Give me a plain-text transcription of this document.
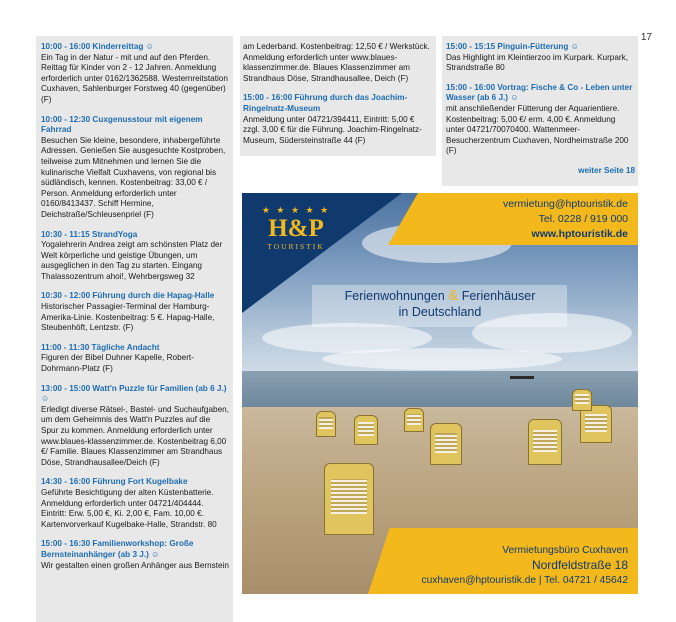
17
10:00 - 16:00 Kinderreittag ☺
Ein Tag in der Natur - mit und auf den Pferden. Reittag für Kinder von 2 - 12 Jahren. Anmeldung erforderlich unter 0162/1362588. Westernreitstation Cuxhaven, Sahlenburger Forstweg 40 (gegenüber) (F)
10:00 - 12:30 Cuxgenusstour mit eigenem Fahrrad
Besuchen Sie kleine, besondere, inhabergeführte Adressen. Genießen Sie ausgesuchte Kostproben, teilweise zum Mitnehmen und lernen Sie die kulinarische Vielfalt Cuxhavens, von regional bis südländisch, kennen. Kostenbeitrag: 33,00 € / Person. Anmeldung erforderlich unter 0160/8413437. Schiff Hermine, Deichstraße/Schleusenpriel (F)
10:30 - 11:15 StrandYoga
Yogalehrerin Andrea zeigt am schönsten Platz der Welt körperliche und geistige Übungen, um ausgeglichen in den Tag zu starten. Eingang Thalassozentrum ahoi!, Wehrbergsweg 32
10:30 - 12:00 Führung durch die Hapag-Halle
Historischer Passagier-Terminal der Hamburg-Amerika-Linie. Kostenbeitrag: 5 €. Hapag-Halle, Steubenhöft, Lentzstr. (F)
11:00 - 11:30 Tägliche Andacht
Figuren der Bibel Duhner Kapelle, Robert-Dohrmann-Platz (F)
13:00 - 15:00 Watt'n Puzzle für Familien (ab 6 J.) ☺
Erledigt diverse Rätsel-, Bastel- und Suchaufgaben, um dem Geheimnis des Watt'n Puzzles auf die Spur zu kommen. Anmeldung erforderlich unter www.blaues-klassenzimmer.de. Kostenbeitrag 6,00 €/ Familie. Blaues Klassenzimmer am Strandhaus Döse, Strandhausallee/Deich (F)
14:30 - 16:00 Führung Fort Kugelbake
Geführte Besichtigung der alten Küstenbatterie. Anmeldung erforderlich unter 04721/404444. Eintritt: Erw. 5,00 €, Ki. 2,00 €, Fam. 10,00 €. Kartenvorverkauf Kugelbake-Halle, Strandstr. 80
15:00 - 16:30 Familienworkshop: Große Bernsteinanhänger (ab 3 J.) ☺
Wir gestalten einen großen Anhänger aus Bernstein
am Lederband. Kostenbeitrag: 12,50 € / Werkstück. Anmeldung erforderlich unter www.blaues-klassenzimmer.de. Blaues Klassenzimmer am Strandhaus Döse, Strandhausallee, Deich (F)
15:00 - 16:00 Führung durch das Joachim-Ringelnatz-Museum
Anmeldung unter 04721/394411, Eintritt: 5,00 € zzgl. 3,00 € für die Führung. Joachim-Ringelnatz-Museum, Südersteinstraße 44 (F)
15:00 - 15:15 Pinguin-Fütterung ☺
Das Highlight im Kleintierzoo im Kurpark. Kurpark, Strandstraße 80
15:00 - 16:00 Vortrag: Fische & Co - Leben unter Wasser (ab 6 J.) ☺
mit anschließender Fütterung der Aquarientiere. Kostenbeitrag: 5,00 €/ erm. 4,00 €. Anmeldung unter 04721/70070400. Wattenmeer-Besucherzentrum Cuxhaven, Nordheimstraße 200 (F)
weiter Seite 18
★ ★ ★ ★ ★
H&P
TOURISTIK
vermietung@hptouristik.de
Tel. 0228 / 919 000
www.hptouristik.de
Ferienwohnungen & Ferienhäuser
in Deutschland
Vermietungsbüro Cuxhaven
Nordfeldstraße 18
cuxhaven@hptouristik.de | Tel. 04721 / 45642
